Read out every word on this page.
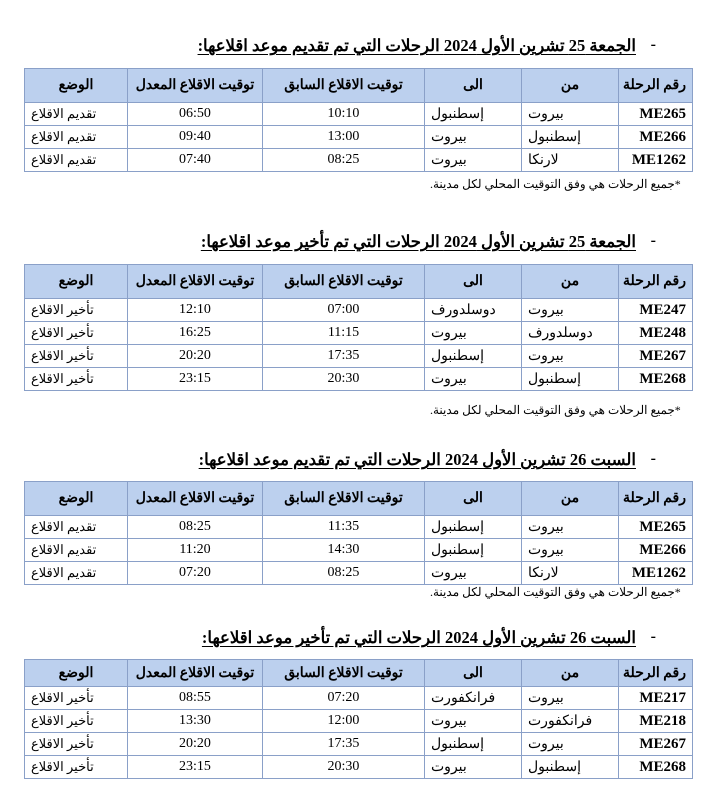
-
الجمعة 25 تشرين الأول 2024 الرحلات التي تم تقديم موعد اقلاعها:
الوضع	توقيت الاقلاع المعدل	توقيت الاقلاع السابق	الى	من	رقم الرحلة
تقديم الاقلاع	06:50	10:10	إسطنبول	بيروت	ME265
تقديم الاقلاع	09:40	13:00	بيروت	إسطنبول	ME266
تقديم الاقلاع	07:40	08:25	بيروت	لارنكا	ME1262
*جميع الرحلات هي وفق التوقيت المحلي لكل مدينة.
-
الجمعة 25 تشرين الأول 2024 الرحلات التي تم تأخير موعد اقلاعها:
الوضع	توقيت الاقلاع المعدل	توقيت الاقلاع السابق	الى	من	رقم الرحلة
تأخير الاقلاع	12:10	07:00	دوسلدورف	بيروت	ME247
تأخير الاقلاع	16:25	11:15	بيروت	دوسلدورف	ME248
تأخير الاقلاع	20:20	17:35	إسطنبول	بيروت	ME267
تأخير الاقلاع	23:15	20:30	بيروت	إسطنبول	ME268
*جميع الرحلات هي وفق التوقيت المحلي لكل مدينة.
-
السبت 26 تشرين الأول 2024 الرحلات التي تم تقديم موعد اقلاعها:
الوضع	توقيت الاقلاع المعدل	توقيت الاقلاع السابق	الى	من	رقم الرحلة
تقديم الاقلاع	08:25	11:35	إسطنبول	بيروت	ME265
تقديم الاقلاع	11:20	14:30	إسطنبول	بيروت	ME266
تقديم الاقلاع	07:20	08:25	بيروت	لارنكا	ME1262
*جميع الرحلات هي وفق التوقيت المحلي لكل مدينة.
-
السبت 26 تشرين الأول 2024 الرحلات التي تم تأخير موعد اقلاعها:
الوضع	توقيت الاقلاع المعدل	توقيت الاقلاع السابق	الى	من	رقم الرحلة
تأخير الاقلاع	08:55	07:20	فرانكفورت	بيروت	ME217
تأخير الاقلاع	13:30	12:00	بيروت	فرانكفورت	ME218
تأخير الاقلاع	20:20	17:35	إسطنبول	بيروت	ME267
تأخير الاقلاع	23:15	20:30	بيروت	إسطنبول	ME268
